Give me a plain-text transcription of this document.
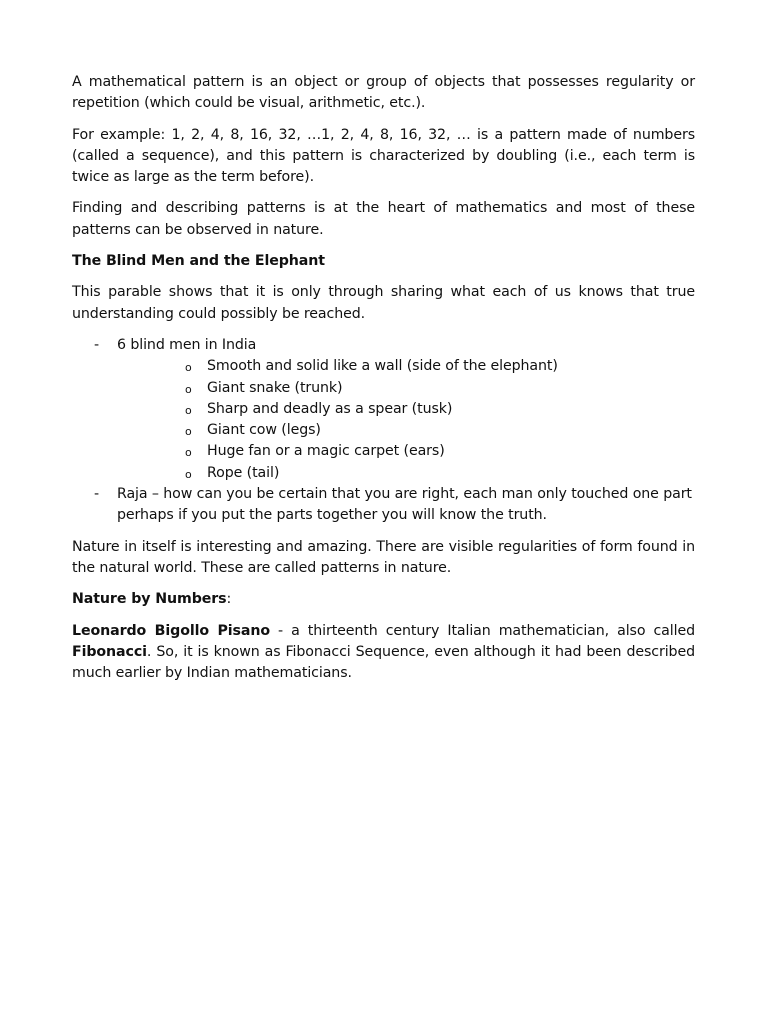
A mathematical pattern is an object or group of objects that possesses regularity or repetition (which could be visual, arithmetic, etc.).

For example: 1, 2, 4, 8, 16, 32, …1, 2, 4, 8, 16, 32, … is a pattern made of numbers (called a sequence), and this pattern is characterized by doubling (i.e., each term is twice as large as the term before).

Finding and describing patterns is at the heart of mathematics and most of these patterns can be observed in nature.

The Blind Men and the Elephant

This parable shows that it is only through sharing what each of us knows that true understanding could possibly be reached.

- 6 blind men in India
o Smooth and solid like a wall (side of the elephant)
o Giant snake (trunk)
o Sharp and deadly as a spear (tusk)
o Giant cow (legs)
o Huge fan or a magic carpet (ears)
o Rope (tail)
- Raja – how can you be certain that you are right, each man only touched one part perhaps if you put the parts together you will know the truth.

Nature in itself is interesting and amazing. There are visible regularities of form found in the natural world. These are called patterns in nature.

Nature by Numbers:

Leonardo Bigollo Pisano - a thirteenth century Italian mathematician, also called Fibonacci. So, it is known as Fibonacci Sequence, even although it had been described much earlier by Indian mathematicians.
